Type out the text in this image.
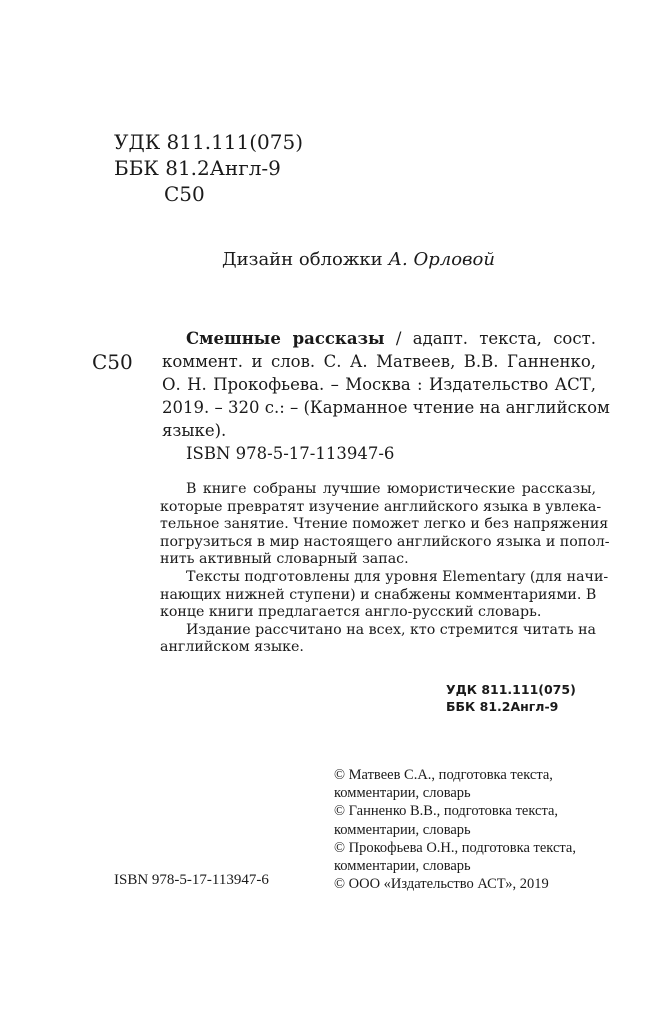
УДК 811.111(075)
ББК 81.2Англ-9
С50
Дизайн обложки А. Орловой
С50
Смешные рассказы / адапт. текста, сост.
коммент. и слов. С. А. Матвеев, В.В. Ганненко,
О. Н. Прокофьева. – Москва : Издательство АСТ,
2019. – 320 с.: – (Карманное чтение на английском
языке).
ISBN 978-5-17-113947-6
В книге собраны лучшие юмористические рассказы,
которые превратят изучение английского языка в увлека-
тельное занятие. Чтение поможет легко и без напряжения
погрузиться в мир настоящего английского языка и попол-
нить активный словарный запас.
Тексты подготовлены для уровня Elementary (для начи-
нающих нижней ступени) и снабжены комментариями. В
конце книги предлагается англо-русский словарь.
Издание рассчитано на всех, кто стремится читать на
английском языке.
УДК 811.111(075)
ББК 81.2Англ-9
© Матвеев С.А., подготовка текста,
комментарии, словарь
© Ганненко В.В., подготовка текста,
комментарии, словарь
© Прокофьева О.Н., подготовка текста,
комментарии, словарь
© ООО «Издательство АСТ», 2019
ISBN 978-5-17-113947-6
